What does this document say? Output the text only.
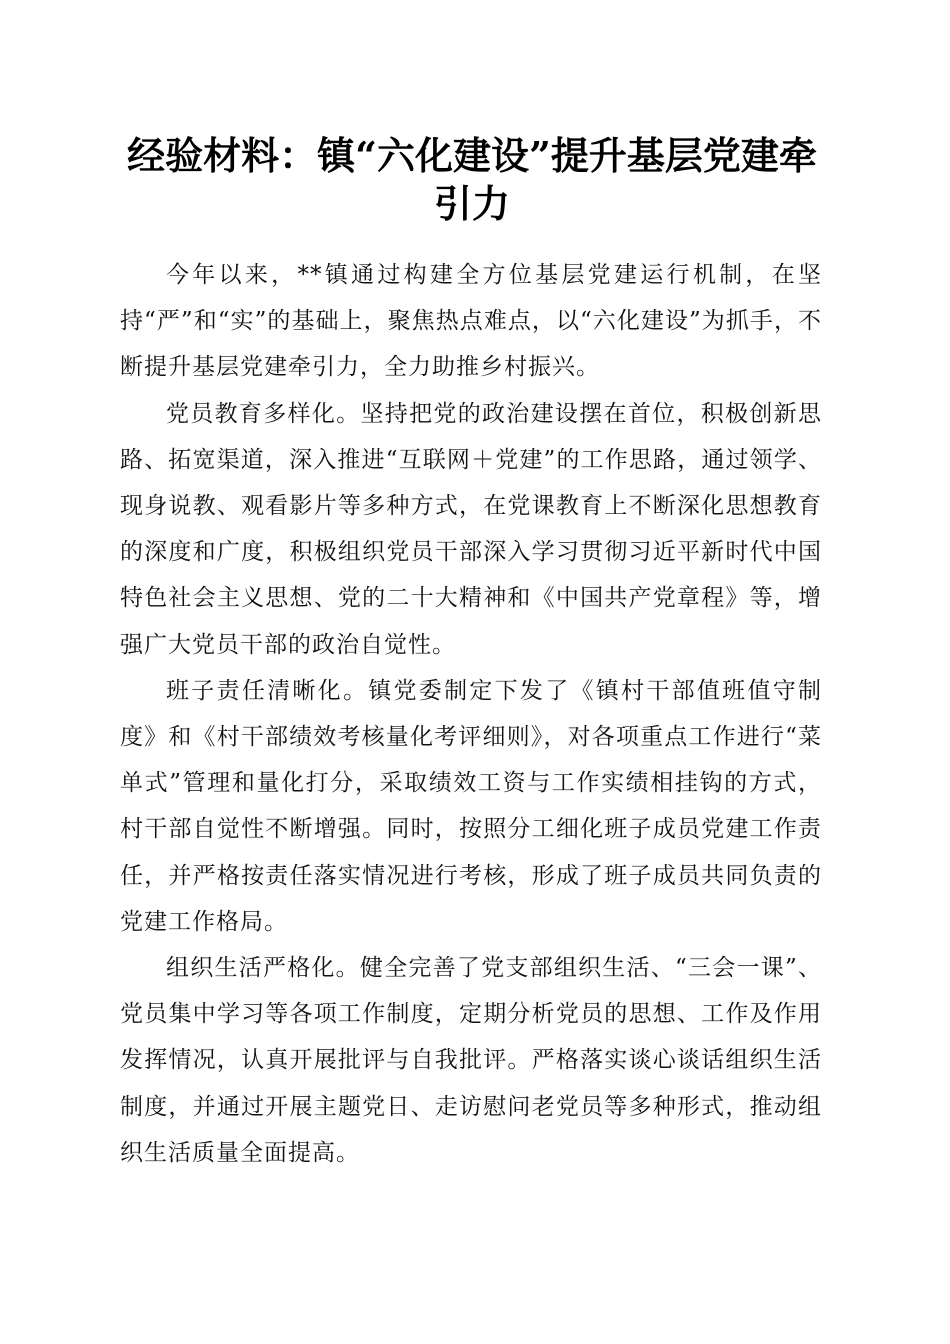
经验材料：镇“六化建设”提升基层党建牵引力

今年以来，**镇通过构建全方位基层党建运行机制，在坚持“严”和“实”的基础上，聚焦热点难点，以“六化建设”为抓手，不断提升基层党建牵引力，全力助推乡村振兴。

党员教育多样化。坚持把党的政治建设摆在首位，积极创新思路、拓宽渠道，深入推进“互联网＋党建”的工作思路，通过领学、现身说教、观看影片等多种方式，在党课教育上不断深化思想教育的深度和广度，积极组织党员干部深入学习贯彻习近平新时代中国特色社会主义思想、党的二十大精神和《中国共产党章程》等，增强广大党员干部的政治自觉性。

班子责任清晰化。镇党委制定下发了《镇村干部值班值守制度》和《村干部绩效考核量化考评细则》，对各项重点工作进行“菜单式”管理和量化打分，采取绩效工资与工作实绩相挂钩的方式，村干部自觉性不断增强。同时，按照分工细化班子成员党建工作责任，并严格按责任落实情况进行考核，形成了班子成员共同负责的党建工作格局。

组织生活严格化。健全完善了党支部组织生活、“三会一课”、党员集中学习等各项工作制度，定期分析党员的思想、工作及作用发挥情况，认真开展批评与自我批评。严格落实谈心谈话组织生活制度，并通过开展主题党日、走访慰问老党员等多种形式，推动组织生活质量全面提高。
